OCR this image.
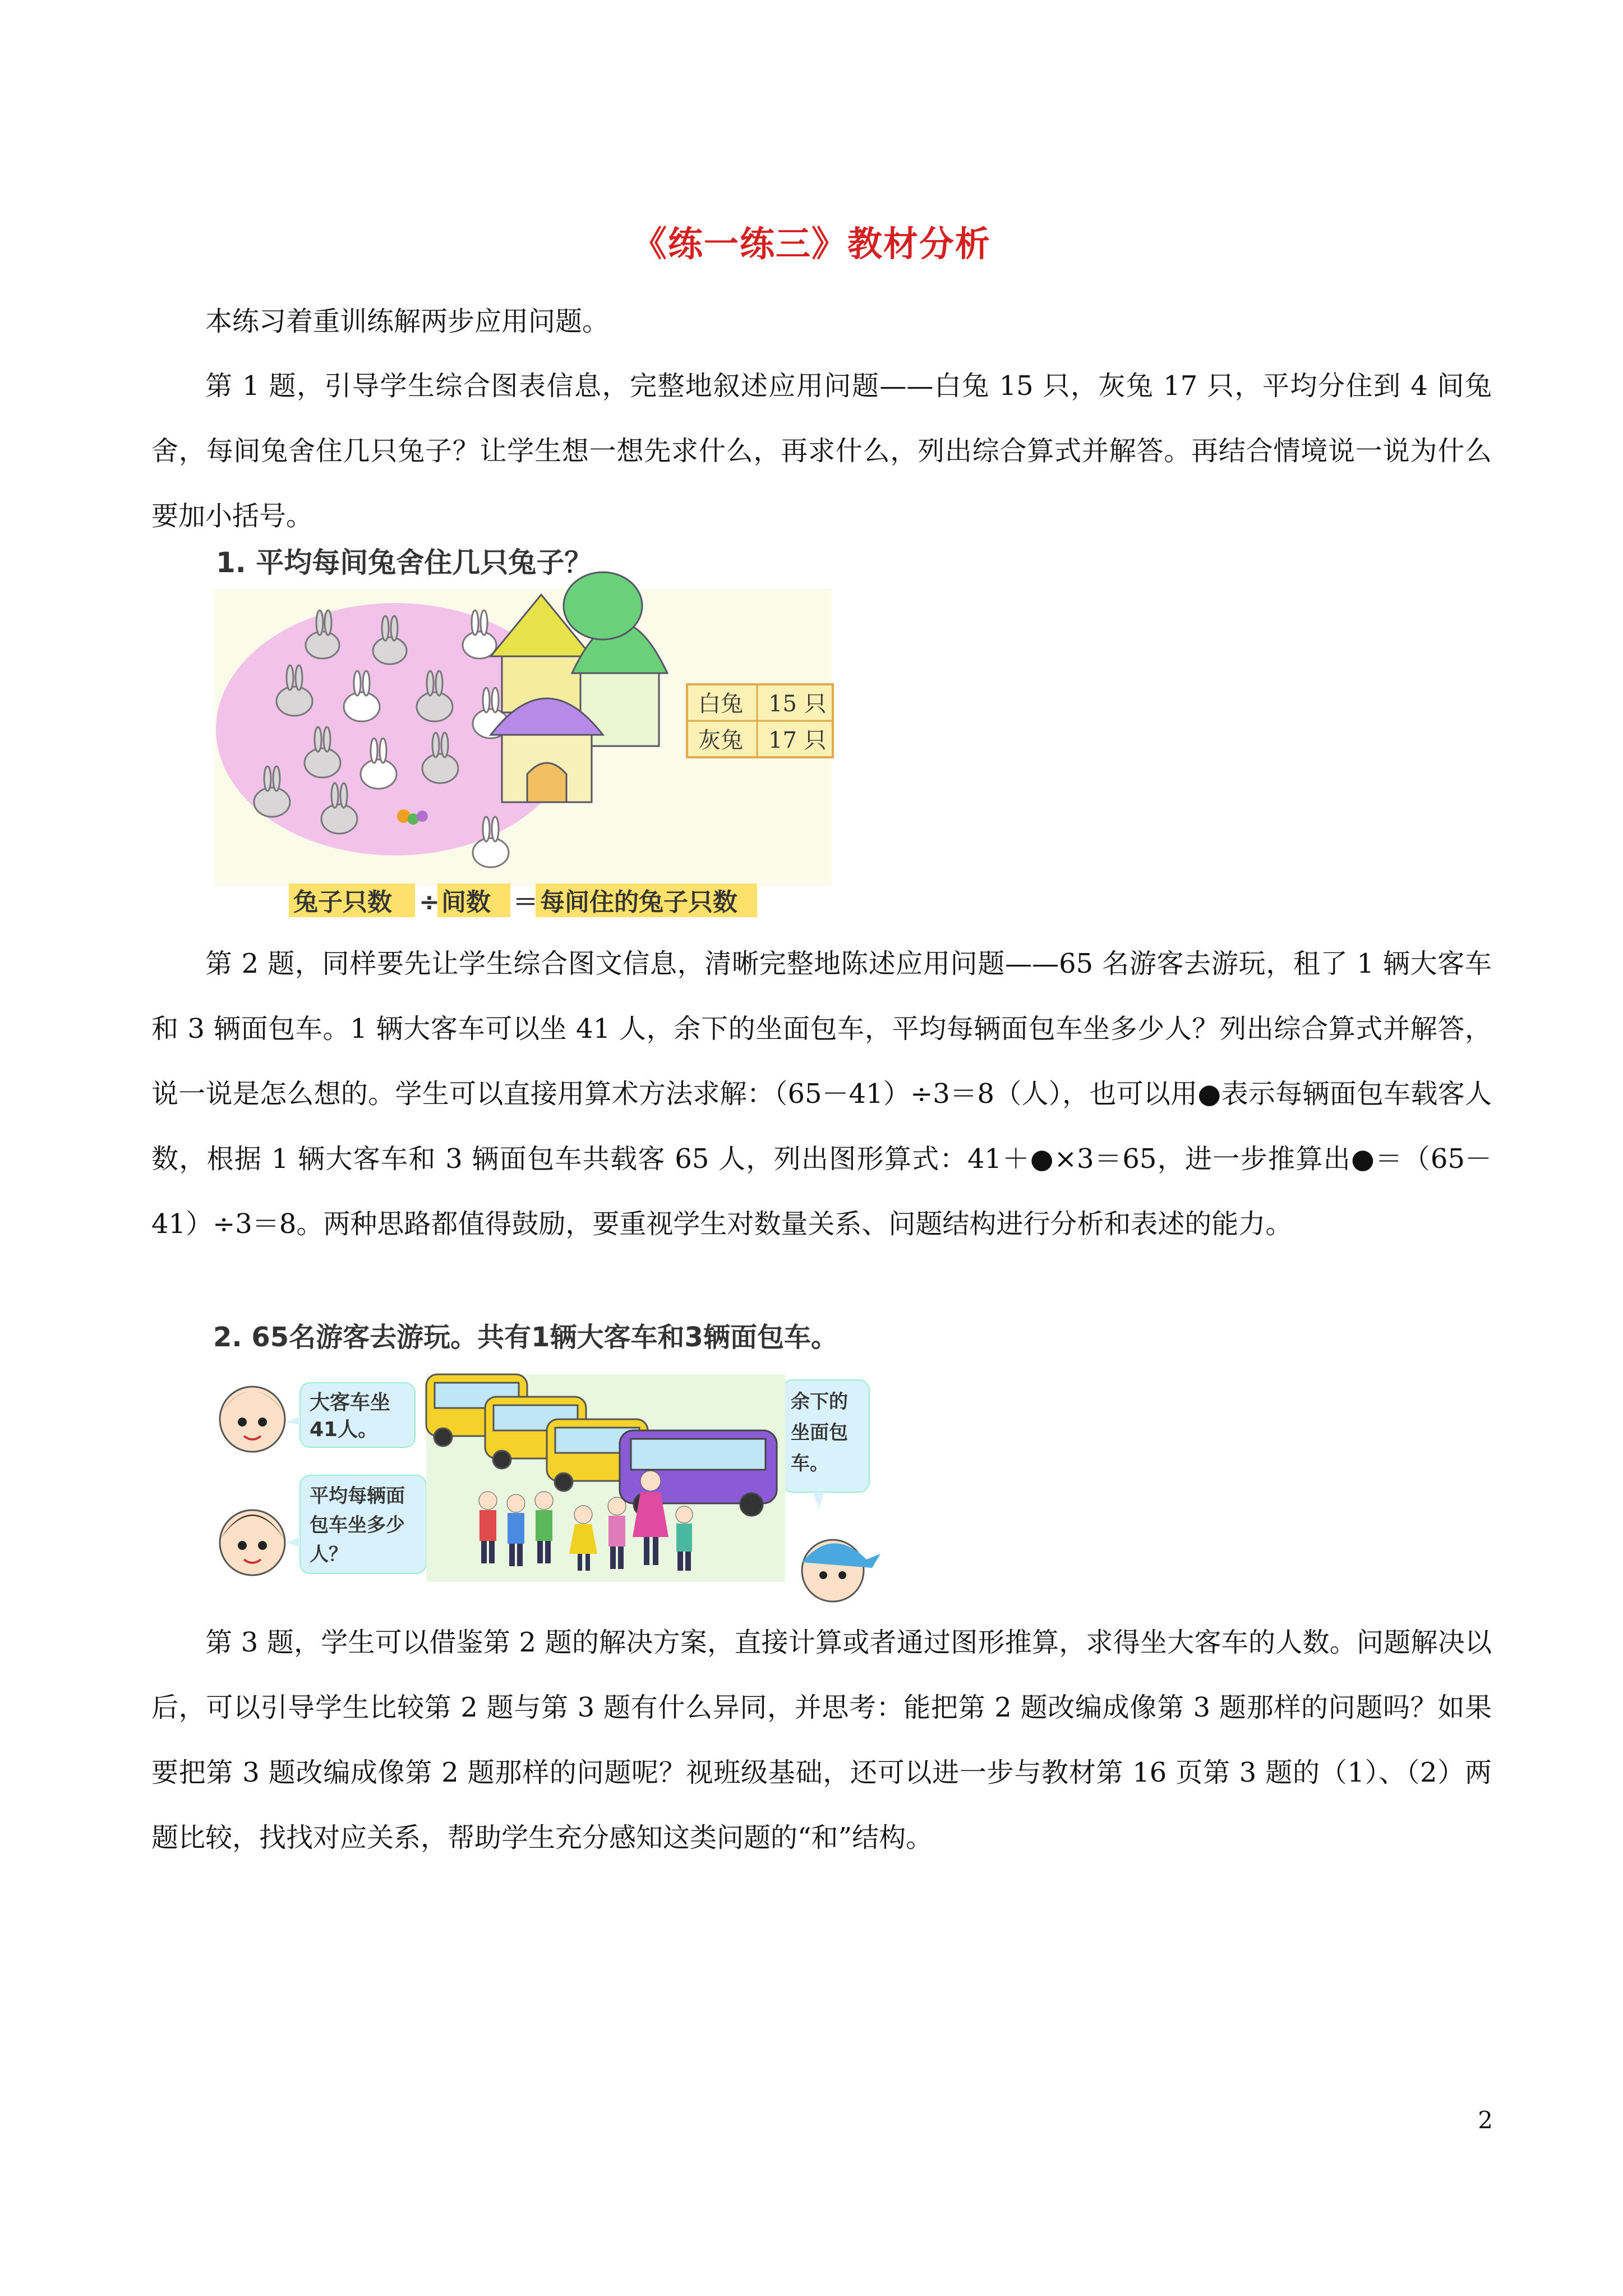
《练一练三》教材分析

本练习着重训练解两步应用问题。

第 1 题，引导学生综合图表信息，完整地叙述应用问题——白兔 15 只，灰兔 17 只，平均分住到 4 间兔舍，每间兔舍住几只兔子？让学生想一想先求什么，再求什么，列出综合算式并解答。再结合情境说一说为什么要加小括号。

1. 平均每间兔舍住几只兔子？
白兔 15 只
灰兔 17 只
兔子只数 ÷ 间数 ＝ 每间住的兔子只数

第 2 题，同样要先让学生综合图文信息，清晰完整地陈述应用问题——65 名游客去游玩，租了 1 辆大客车和 3 辆面包车。1 辆大客车可以坐 41 人，余下的坐面包车，平均每辆面包车坐多少人？列出综合算式并解答，说一说是怎么想的。学生可以直接用算术方法求解：（65－41）÷3＝8（人），也可以用●表示每辆面包车载客人数，根据 1 辆大客车和 3 辆面包车共载客 65 人，列出图形算式：41＋●×3＝65，进一步推算出●＝（65－41）÷3＝8。两种思路都值得鼓励，要重视学生对数量关系、问题结构进行分析和表述的能力。

2. 65名游客去游玩。共有1辆大客车和3辆面包车。
大客车坐
41人。
平均每辆面
包车坐多少
人？
余下的
坐面包
车。

第 3 题，学生可以借鉴第 2 题的解决方案，直接计算或者通过图形推算，求得坐大客车的人数。问题解决以后，可以引导学生比较第 2 题与第 3 题有什么异同，并思考：能把第 2 题改编成像第 3 题那样的问题吗？如果要把第 3 题改编成像第 2 题那样的问题呢？视班级基础，还可以进一步与教材第 16 页第 3 题的（1）、（2）两题比较，找找对应关系，帮助学生充分感知这类问题的“和”结构。

2
